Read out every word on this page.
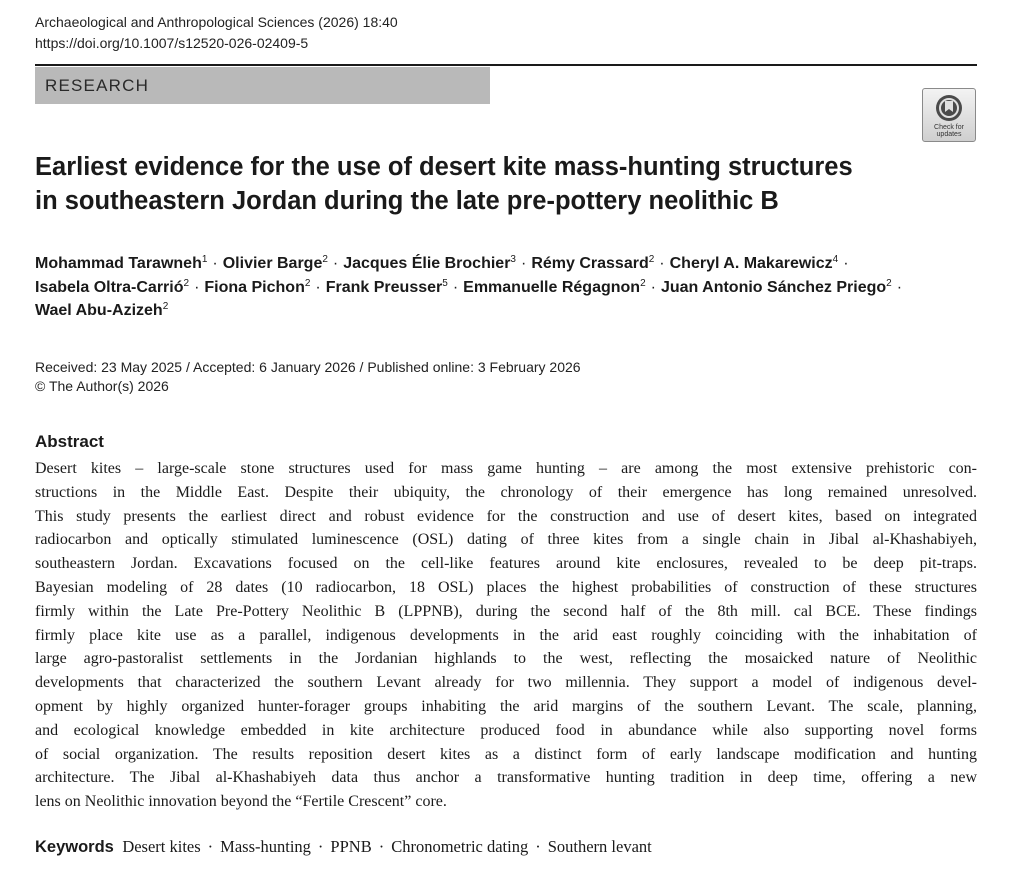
Archaeological and Anthropological Sciences (2026) 18:40
https://doi.org/10.1007/s12520-026-02409-5
RESEARCH
Check for
updates
Earliest evidence for the use of desert kite mass-hunting structures
in southeastern Jordan during the late pre-pottery neolithic B
Mohammad Tarawneh$^1$ · Olivier Barge$^2$ · Jacques Élie Brochier$^3$ · Rémy Crassard$^2$ · Cheryl A. Makarewicz$^4$ ·
Isabela Oltra-Carrió$^2$ · Fiona Pichon$^2$ · Frank Preusser$^5$ · Emmanuelle Régagnon$^2$ · Juan Antonio Sánchez Priego$^2$ ·
Wael Abu-Azizeh$^2$
Received: 23 May 2025 / Accepted: 6 January 2026 / Published online: 3 February 2026
© The Author(s) 2026
Abstract
Desert kites – large-scale stone structures used for mass game hunting – are among the most extensive prehistoric con-
structions in the Middle East. Despite their ubiquity, the chronology of their emergence has long remained unresolved.
This study presents the earliest direct and robust evidence for the construction and use of desert kites, based on integrated
radiocarbon and optically stimulated luminescence (OSL) dating of three kites from a single chain in Jibal al-Khashabiyeh,
southeastern Jordan. Excavations focused on the cell-like features around kite enclosures, revealed to be deep pit-traps.
Bayesian modeling of 28 dates (10 radiocarbon, 18 OSL) places the highest probabilities of construction of these structures
firmly within the Late Pre-Pottery Neolithic B (LPPNB), during the second half of the 8th mill. cal BCE. These findings
firmly place kite use as a parallel, indigenous developments in the arid east roughly coinciding with the inhabitation of
large agro-pastoralist settlements in the Jordanian highlands to the west, reflecting the mosaicked nature of Neolithic
developments that characterized the southern Levant already for two millennia. They support a model of indigenous devel-
opment by highly organized hunter-forager groups inhabiting the arid margins of the southern Levant. The scale, planning,
and ecological knowledge embedded in kite architecture produced food in abundance while also supporting novel forms
of social organization. The results reposition desert kites as a distinct form of early landscape modification and hunting
architecture. The Jibal al-Khashabiyeh data thus anchor a transformative hunting tradition in deep time, offering a new
lens on Neolithic innovation beyond the “Fertile Crescent” core.
Keywords Desert kites · Mass-hunting · PPNB · Chronometric dating · Southern levant
